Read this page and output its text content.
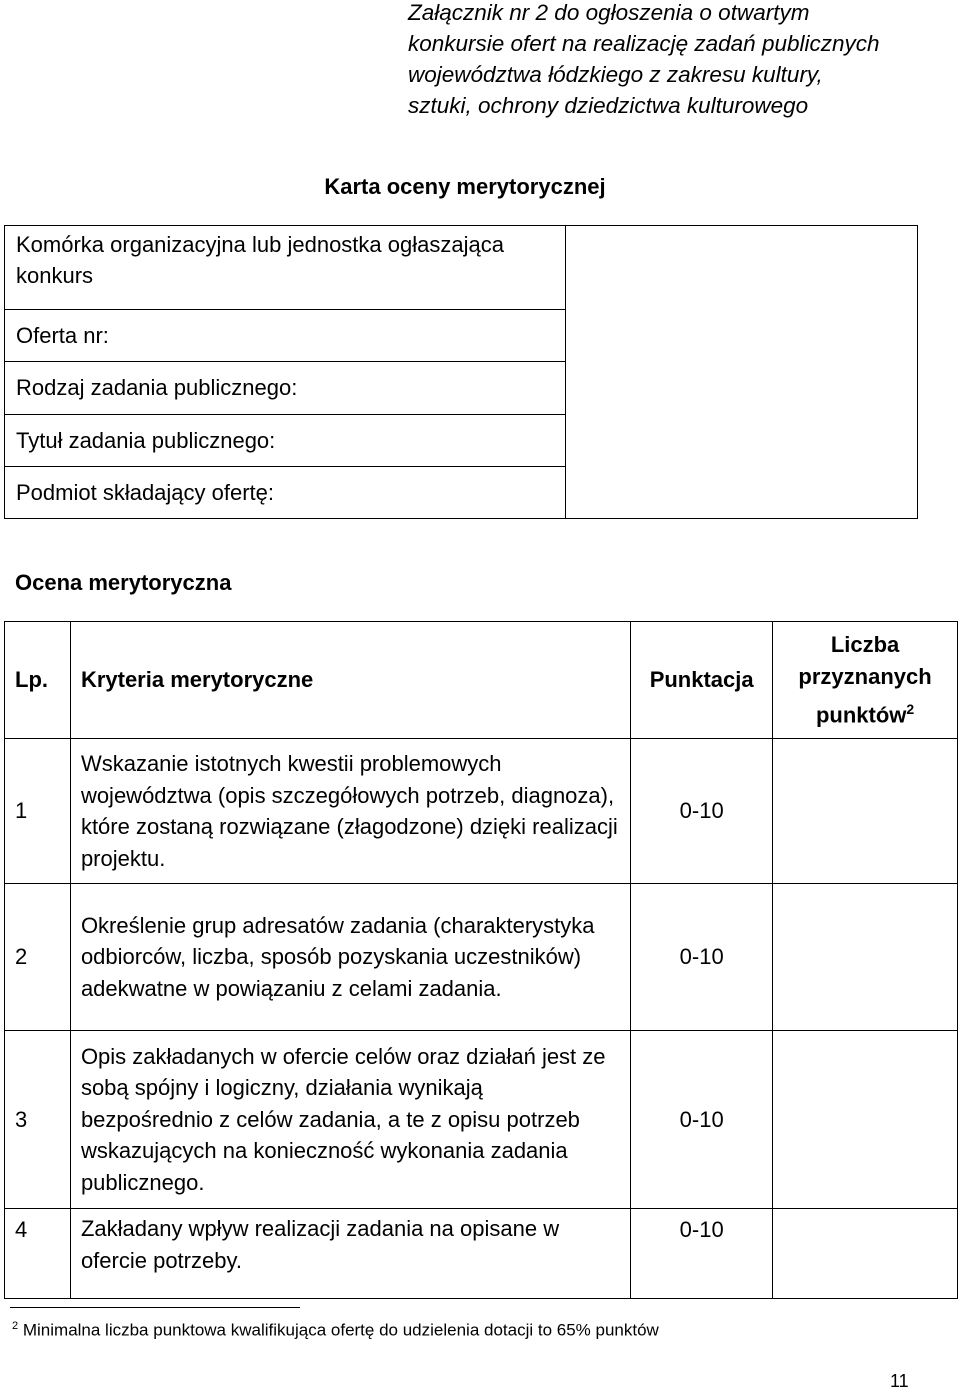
Załącznik nr 2 do ogłoszenia o otwartym
konkursie ofert na realizację zadań publicznych
województwa łódzkiego z zakresu kultury,
sztuki, ochrony dziedzictwa kulturowego
Karta oceny merytorycznej
Komórka organizacyjna lub jednostka ogłaszająca konkurs	
Oferta nr:
Rodzaj zadania publicznego:
Tytuł zadania publicznego:
Podmiot składający ofertę:
Ocena merytoryczna
Lp.	Kryteria merytoryczne	Punktacja	Liczba przyznanych punktów$^2$
1	Wskazanie istotnych kwestii problemowych województwa (opis szczegółowych potrzeb, diagnoza), które zostaną rozwiązane (złagodzone) dzięki realizacji projektu.	0-10	
2	Określenie grup adresatów zadania (charakterystyka odbiorców, liczba, sposób pozyskania uczestników) adekwatne w powiązaniu z celami zadania.	0-10	
3	Opis zakładanych w ofercie celów oraz działań jest ze sobą spójny i logiczny, działania wynikają bezpośrednio z celów zadania, a te z opisu potrzeb wskazujących na konieczność wykonania zadania publicznego.	0-10	
4	Zakładany wpływ realizacji zadania na opisane w ofercie potrzeby.	0-10	
$^2$ Minimalna liczba punktowa kwalifikująca ofertę do udzielenia dotacji to 65% punktów
11
